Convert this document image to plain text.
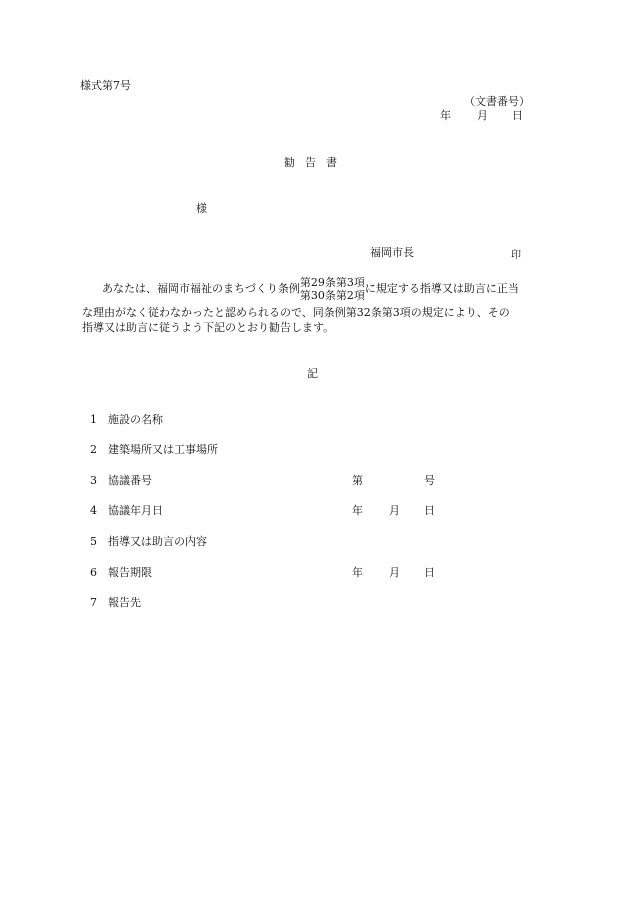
様式第7号
（文書番号）
年 月 日
勧 告 書
様
福岡市長	印
あなたは、福岡市福祉のまちづくり条例 第29条第3項
第30条第2項
に規定する指導又は助言に正当
な理由がなく従わなかったと認められるので、同条例第32条第3項の規定により、その
指導又は助言に従うよう下記のとおり勧告します。
記
1 施設の名称
2 建築場所又は工事場所
3 協議番号	第	号
4 協議年月日	年 月 日
5 指導又は助言の内容
6 報告期限	年 月 日
7 報告先
